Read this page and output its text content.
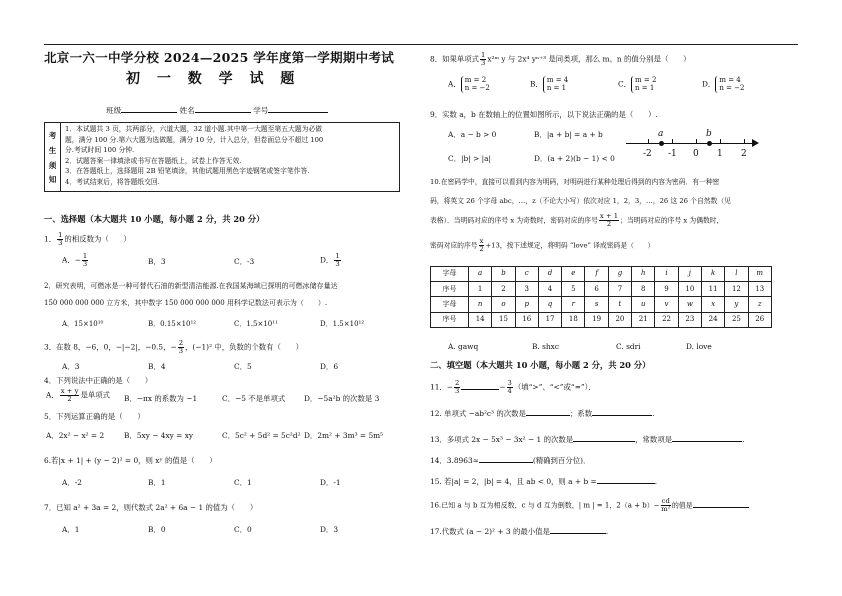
北京一六一中学分校 2024—2025 学年度第一学期期中考试
初 一 数 学 试 题
班级	姓名	学号
考
生
须
知
1．本试题共 3 页，共两部分，六道大题，32 道小题.其中第一大题至第五大题为必做
题，满分 100 分.第六大题为选做题，满分 10 分，计入总分，但卷面总分不超过 100
分.考试时间 100 分钟.
2．试题答案一律填涂或书写在答题纸上，试卷上作答无效.
3．在答题纸上，选择题用 2B 铅笔填涂，其他试题用黑色字迹钢笔或签字笔作答.
4．考试结束后，将答题纸交回.
一、选择题（本大题共 10 小题，每小题 2 分，共 20 分）
1． $\frac{1}{3}$ 的相反数为（　　）
A．− $\frac{1}{3}$	B．3	C．-3	D． $\frac{1}{3}$
2．研究表明，可燃冰是一种可替代石油的新型清洁能源.在我国某海域已探明的可燃冰储存量达
150 000 000 000 立方米，其中数字 150 000 000 000 用科学记数法可表示为（　　）.
A．15×10¹⁰	B．0.15×10¹²	C．1.5×10¹¹	D．1.5×10¹²
3．在数 8，−6，0，−|−2|，−0.5，− $\frac{2}{3}$ ，(−1)² 中，负数的个数有（　　）
A．3	B．4	C．5	D．6
4．下列说法中正确的是（　　）
A． $\frac{x + y}{2}$ 是单项式 B．−πx 的系数为 −1	C．−5 不是单项式	D．−5a²b 的次数是 3
5．下列运算正确的是（　　）
A．2x² − x² = 2	B．5xy − 4xy = xy	C．5c² + 5d² = 5c²d² D．2m² + 3m³ = 5m⁵
6.若|x + 1| + (y − 2)² = 0，则 xʸ 的值是（　　）
A．-2	B．1	C．1	D．-1
7．已知 a² + 3a = 2，则代数式 2a² + 6a − 1 的值为（　　）
A．1	B．0	C．0	D．3
8．如果单项式 $\frac{1}{3}$ x²ᵐ y 与 2x⁴ yⁿ⁺³ 是同类项，那么 m、n 的值分别是（　　）
A． m = 2
n = −2	B． m = 4
n = 1	C． m = 2
n = 1	D． m = 4
n = −2
9．实数 a，b 在数轴上的位置如图所示，以下说法正确的是（　　）.
A．a − b > 0	B．|a + b| = a + b
C．|b| > |a|	D．(a + 2)(b − 1) < 0
a	b
-2 -1 0 1 2
10.在密码学中，直接可以看到内容为明码，对明码进行某种处理后得到的内容为密码．有一种密
码，将英文 26 个字母 abc，…，z（不论大小写）依次对应 1，2，3，…，26 这 26 个自然数（见
表格）．当明码对应的序号 x 为奇数时，密码对应的序号 $\frac{x + 1}{2}$ ；当明码对应的序号 x 为偶数时，
密码对应的序号 $\frac{x}{2} +13$，按下述规定，将明码 “love” 译成密码是（　　）
字母	a	b	c	d	e	f	g	h	i	j	k	l	m
序号	1	2	3	4	5	6	7	8	9	10	11	12	13
字母	n	o	p	q	r	s	t	u	v	w	x	y	z
序号	14	15	16	17	18	19	20	21	22	23	24	25	26
A. gawq	B. shxc	C. sdri	D. love
二、填空题（本大题共 10 小题，每小题 2 分，共 20 分）
11．− $\frac{2}{3}$	− $\frac{3}{4}$ （填“>”、“<”或“=”）．
12. 单项式 −ab²c³ 的次数是	；系数	.
13．多项式 2x − 5x³ − 3x² − 1 的次数是	，常数项是	.
14．3.8963≈	(精确到百分位)．
15. 若|a| = 2，|b| = 4，且 ab < 0，则 a + b =	.
16.已知 a 与 b 互为相反数，c 与 d 互为倒数，| m | = 1，$2(a + b)- \frac{cd}{\text{m²}}$ 的值是
17.代数式 (a − 2)² + 3 的最小值是	.
